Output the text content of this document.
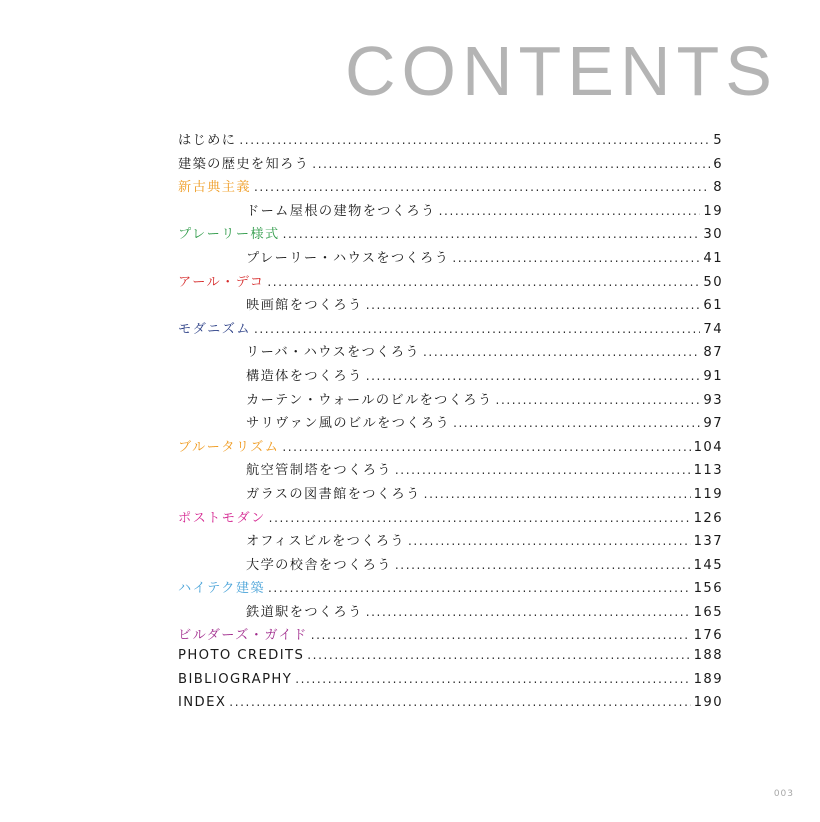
CONTENTS
はじめに .....	5
建築の歴史を知ろう .....	6
新古典主義 .....	8
ドーム屋根の建物をつくろう .....	19
プレーリー様式 .....	30
プレーリー・ハウスをつくろう .....	41
アール・デコ .....	50
映画館をつくろう .....	61
モダニズム .....	74
リーバ・ハウスをつくろう .....	87
構造体をつくろう .....	91
カーテン・ウォールのビルをつくろう .....	93
サリヴァン風のビルをつくろう .....	97
ブルータリズム .....	104
航空管制塔をつくろう .....	113
ガラスの図書館をつくろう .....	119
ポストモダン .....	126
オフィスビルをつくろう .....	137
大学の校舎をつくろう .....	145
ハイテク建築 .....	156
鉄道駅をつくろう .....	165
ビルダーズ・ガイド .....	176
PHOTO CREDITS .....	188
BIBLIOGRAPHY .....	189
INDEX .....	190
003
